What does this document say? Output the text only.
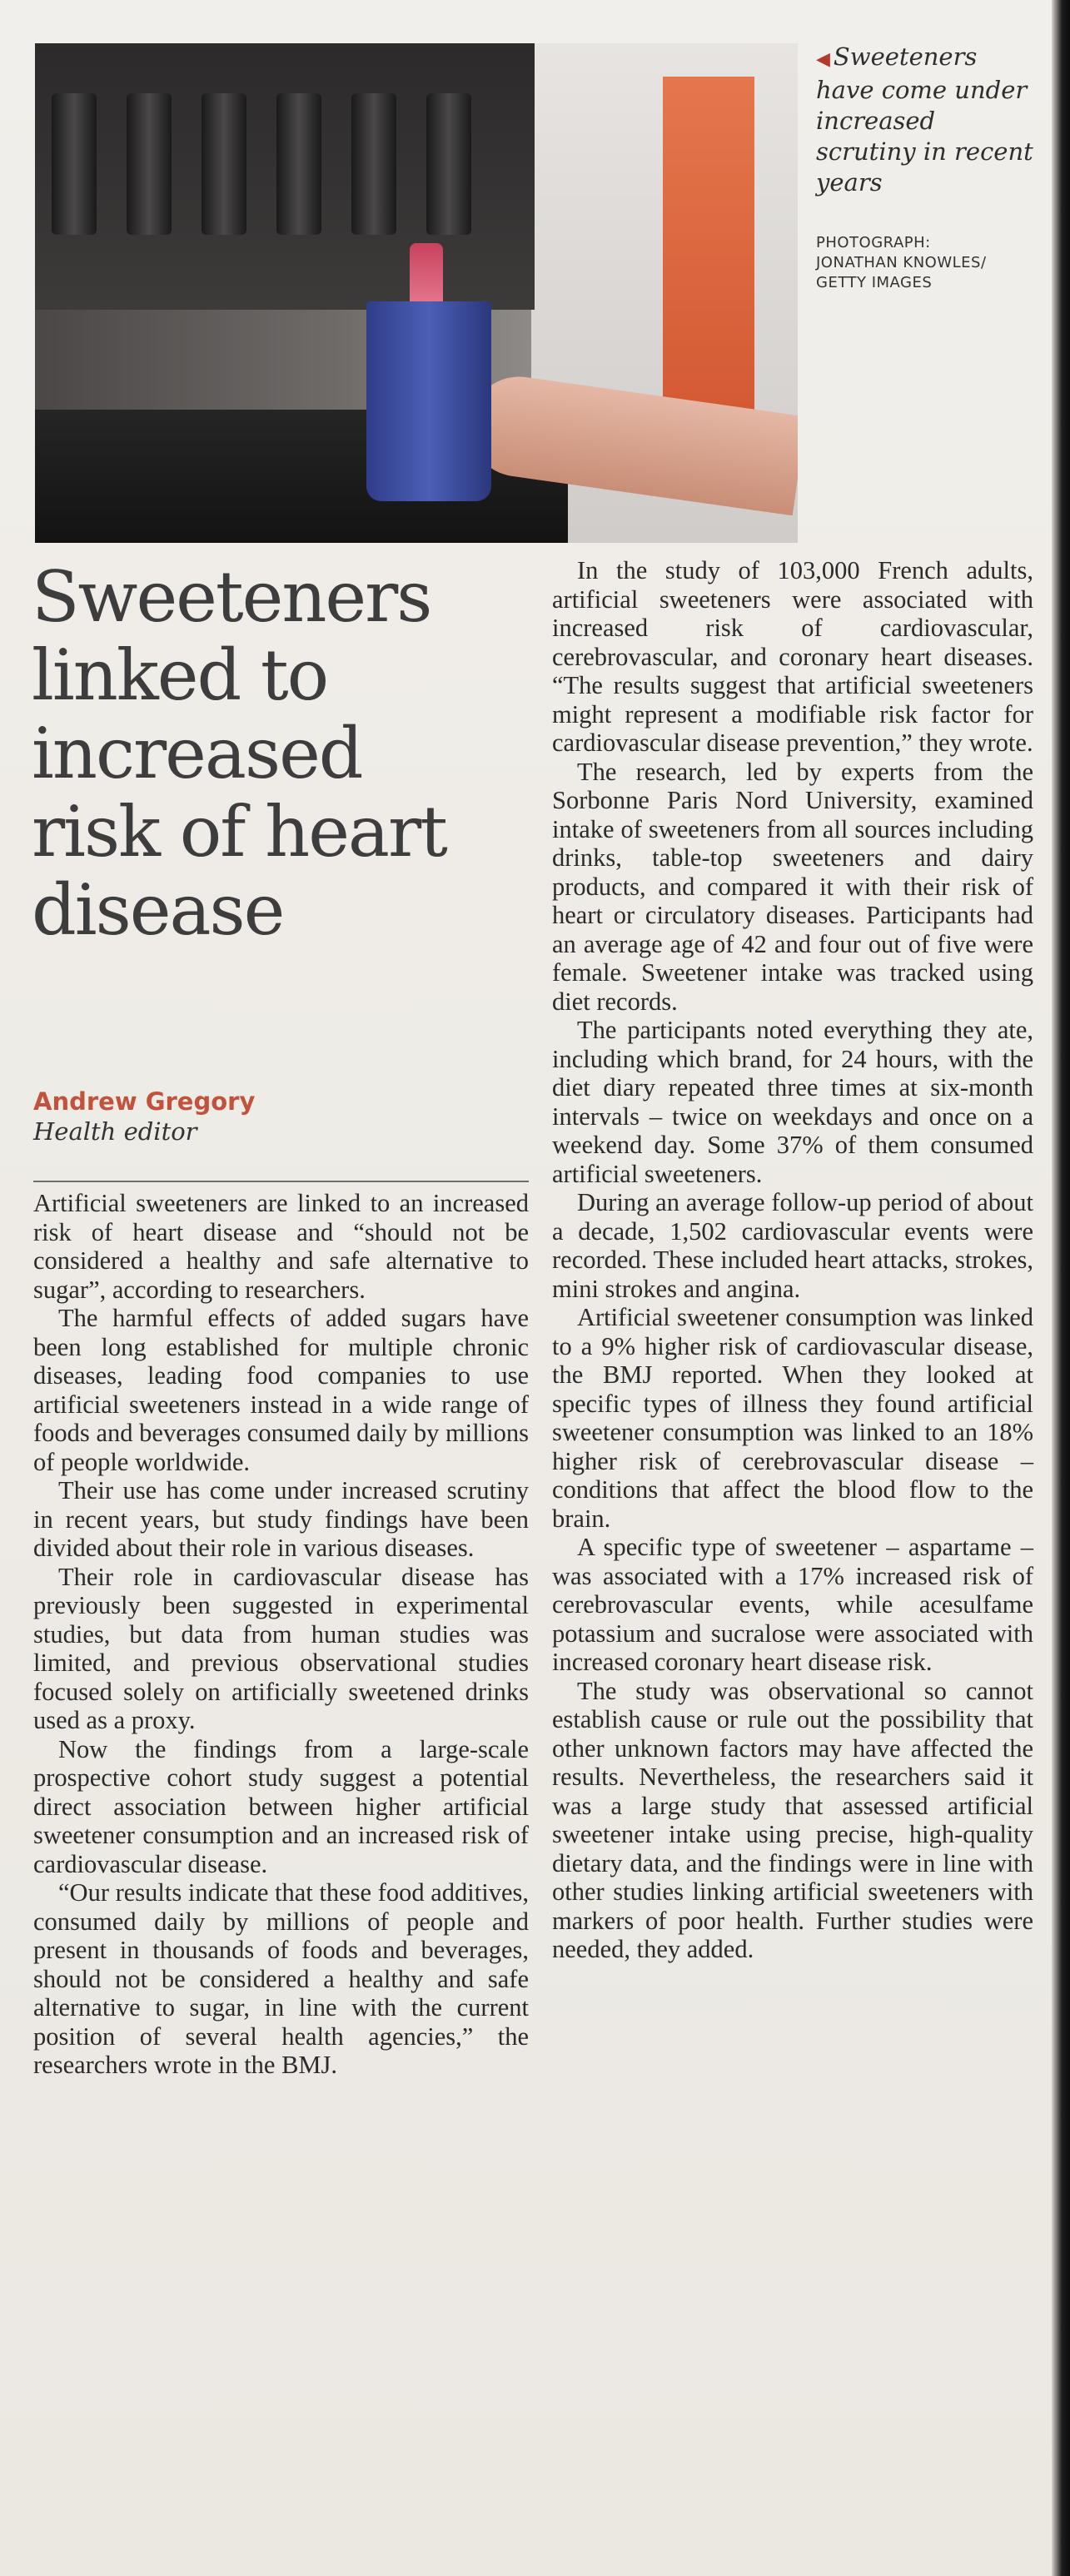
◀ Sweeteners have come under increased scrutiny in recent years
PHOTOGRAPH:
JONATHAN KNOWLES/
GETTY IMAGES
Sweeteners
linked to
increased
risk of heart
disease
Andrew Gregory
Health editor

Artificial sweeteners are linked to an increased risk of heart disease and “should not be considered a healthy and safe alternative to sugar”, according to researchers.

The harmful effects of added sugars have been long established for multiple chronic diseases, leading food companies to use artificial sweeteners instead in a wide range of foods and beverages consumed daily by millions of people worldwide.

Their use has come under increased scrutiny in recent years, but study findings have been divided about their role in various diseases.

Their role in cardiovascular disease has previously been suggested in experimental studies, but data from human studies was limited, and previous observational studies focused solely on artificially sweetened drinks used as a proxy.

Now the findings from a large-scale prospective cohort study suggest a potential direct association between higher artificial sweetener consumption and an increased risk of cardiovascular disease.

“Our results indicate that these food additives, consumed daily by millions of people and present in thousands of foods and beverages, should not be considered a healthy and safe alternative to sugar, in line with the current position of several health agencies,” the researchers wrote in the BMJ.

In the study of 103,000 French adults, artificial sweeteners were associated with increased risk of cardiovascular, cerebrovascular, and coronary heart diseases. “The results suggest that artificial sweeteners might represent a modifiable risk factor for cardiovascular disease prevention,” they wrote.

The research, led by experts from the Sorbonne Paris Nord University, examined intake of sweeteners from all sources including drinks, table-top sweeteners and dairy products, and compared it with their risk of heart or circulatory diseases. Participants had an average age of 42 and four out of five were female. Sweetener intake was tracked using diet records.

The participants noted everything they ate, including which brand, for 24 hours, with the diet diary repeated three times at six-month intervals – twice on weekdays and once on a weekend day. Some 37% of them consumed artificial sweeteners.

During an average follow-up period of about a decade, 1,502 cardiovascular events were recorded. These included heart attacks, strokes, mini strokes and angina.

Artificial sweetener consumption was linked to a 9% higher risk of cardiovascular disease, the BMJ reported. When they looked at specific types of illness they found artificial sweetener consumption was linked to an 18% higher risk of cerebrovascular disease – conditions that affect the blood flow to the brain.

A specific type of sweetener – aspartame – was associated with a 17% increased risk of cerebrovascular events, while acesulfame potassium and sucralose were associated with increased coronary heart disease risk.

The study was observational so cannot establish cause or rule out the possibility that other unknown factors may have affected the results. Nevertheless, the researchers said it was a large study that assessed artificial sweetener intake using precise, high-quality dietary data, and the findings were in line with other studies linking artificial sweeteners with markers of poor health. Further studies were needed, they added.
